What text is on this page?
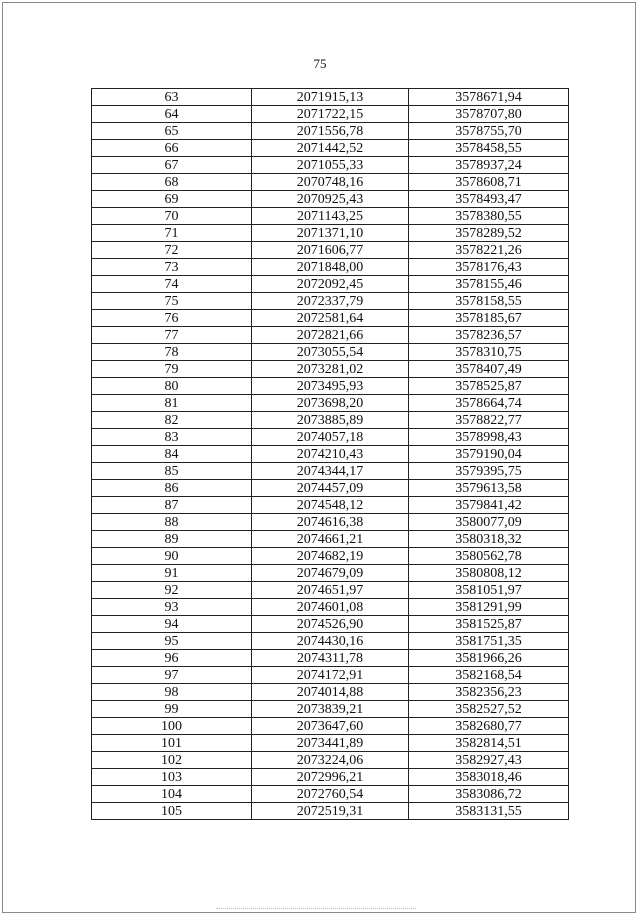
75
63	2071915,13	3578671,94
64	2071722,15	3578707,80
65	2071556,78	3578755,70
66	2071442,52	3578458,55
67	2071055,33	3578937,24
68	2070748,16	3578608,71
69	2070925,43	3578493,47
70	2071143,25	3578380,55
71	2071371,10	3578289,52
72	2071606,77	3578221,26
73	2071848,00	3578176,43
74	2072092,45	3578155,46
75	2072337,79	3578158,55
76	2072581,64	3578185,67
77	2072821,66	3578236,57
78	2073055,54	3578310,75
79	2073281,02	3578407,49
80	2073495,93	3578525,87
81	2073698,20	3578664,74
82	2073885,89	3578822,77
83	2074057,18	3578998,43
84	2074210,43	3579190,04
85	2074344,17	3579395,75
86	2074457,09	3579613,58
87	2074548,12	3579841,42
88	2074616,38	3580077,09
89	2074661,21	3580318,32
90	2074682,19	3580562,78
91	2074679,09	3580808,12
92	2074651,97	3581051,97
93	2074601,08	3581291,99
94	2074526,90	3581525,87
95	2074430,16	3581751,35
96	2074311,78	3581966,26
97	2074172,91	3582168,54
98	2074014,88	3582356,23
99	2073839,21	3582527,52
100	2073647,60	3582680,77
101	2073441,89	3582814,51
102	2073224,06	3582927,43
103	2072996,21	3583018,46
104	2072760,54	3583086,72
105	2072519,31	3583131,55
